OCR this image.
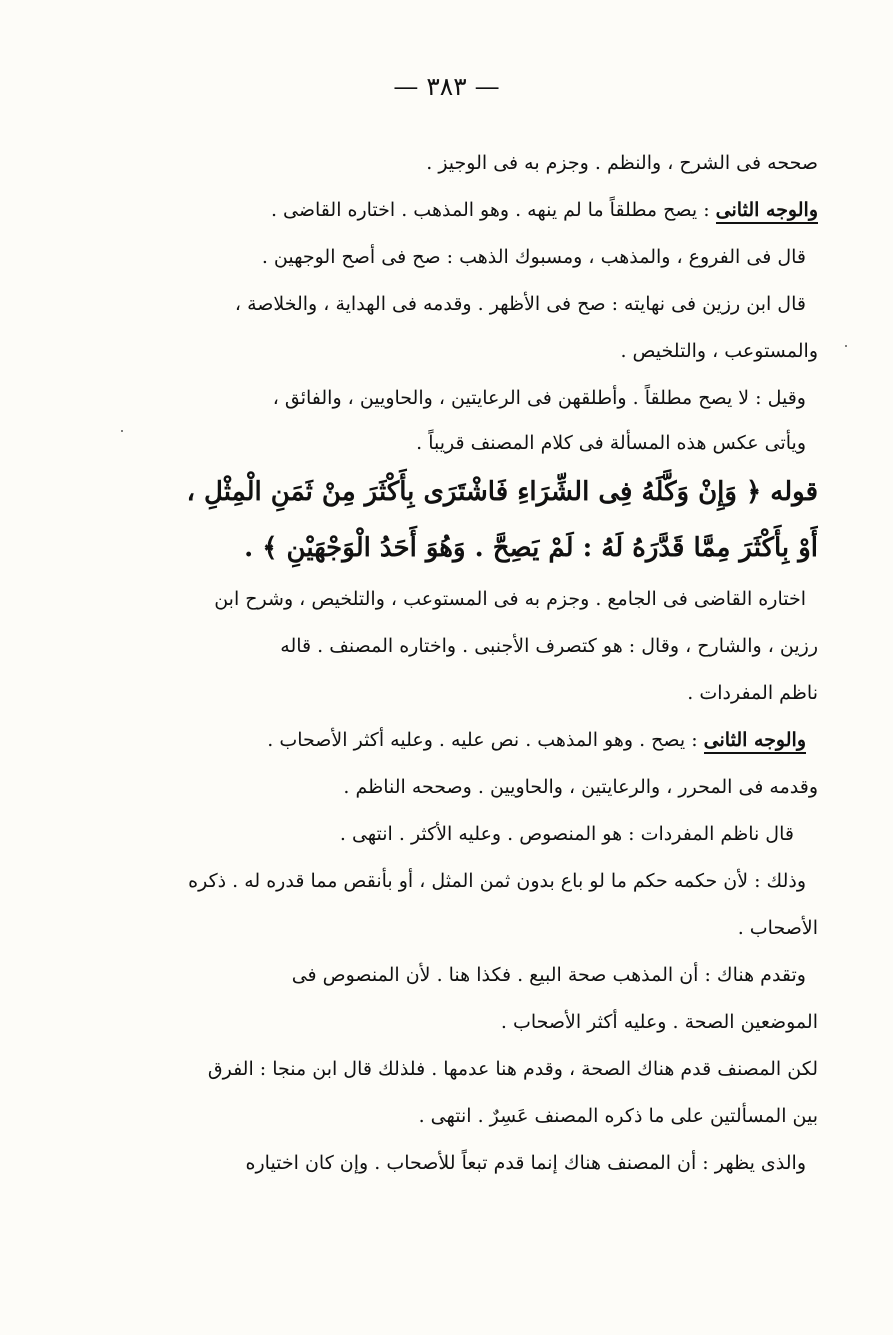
— ٣٨٣ —
صححه فى الشرح ، والنظم . وجزم به فى الوجيز .
والوجه الثانى : يصح مطلقاً ما لم ينهه . وهو المذهب . اختاره القاضى .
قال فى الفروع ، والمذهب ، ومسبوك الذهب : صح فى أصح الوجهين .
قال ابن رزين فى نهايته : صح فى الأظهر . وقدمه فى الهداية ، والخلاصة ،
والمستوعب ، والتلخيص .
وقيل : لا يصح مطلقاً . وأطلقهن فى الرعايتين ، والحاويين ، والفائق ،
ويأتى عكس هذه المسألة فى كلام المصنف قريباً .
قوله ﴿ وَإِنْ وَكَّلَهُ فِى الشِّرَاءِ فَاشْتَرَى بِأَكْثَرَ مِنْ ثَمَنِ الْمِثْلِ ،
أَوْ بِأَكْثَرَ مِمَّا قَدَّرَهُ لَهُ : لَمْ يَصِحَّ . وَهُوَ أَحَدُ الْوَجْهَيْنِ ﴾ .
اختاره القاضى فى الجامع . وجزم به فى المستوعب ، والتلخيص ، وشرح ابن
رزين ، والشارح ، وقال : هو كتصرف الأجنبى . واختاره المصنف . قاله
ناظم المفردات .
والوجه الثانى : يصح . وهو المذهب . نص عليه . وعليه أكثر الأصحاب .
وقدمه فى المحرر ، والرعايتين ، والحاويين . وصححه الناظم .
قال ناظم المفردات : هو المنصوص . وعليه الأكثر . انتهى .
وذلك : لأن حكمه حكم ما لو باع بدون ثمن المثل ، أو بأنقص مما قدره له . ذكره
الأصحاب .
وتقدم هناك : أن المذهب صحة البيع . فكذا هنا . لأن المنصوص فى
الموضعين الصحة . وعليه أكثر الأصحاب .
لكن المصنف قدم هناك الصحة ، وقدم هنا عدمها . فلذلك قال ابن منجا : الفرق
بين المسألتين على ما ذكره المصنف عَسِرٌ . انتهى .
والذى يظهر : أن المصنف هناك إنما قدم تبعاً للأصحاب . وإن كان اختياره
